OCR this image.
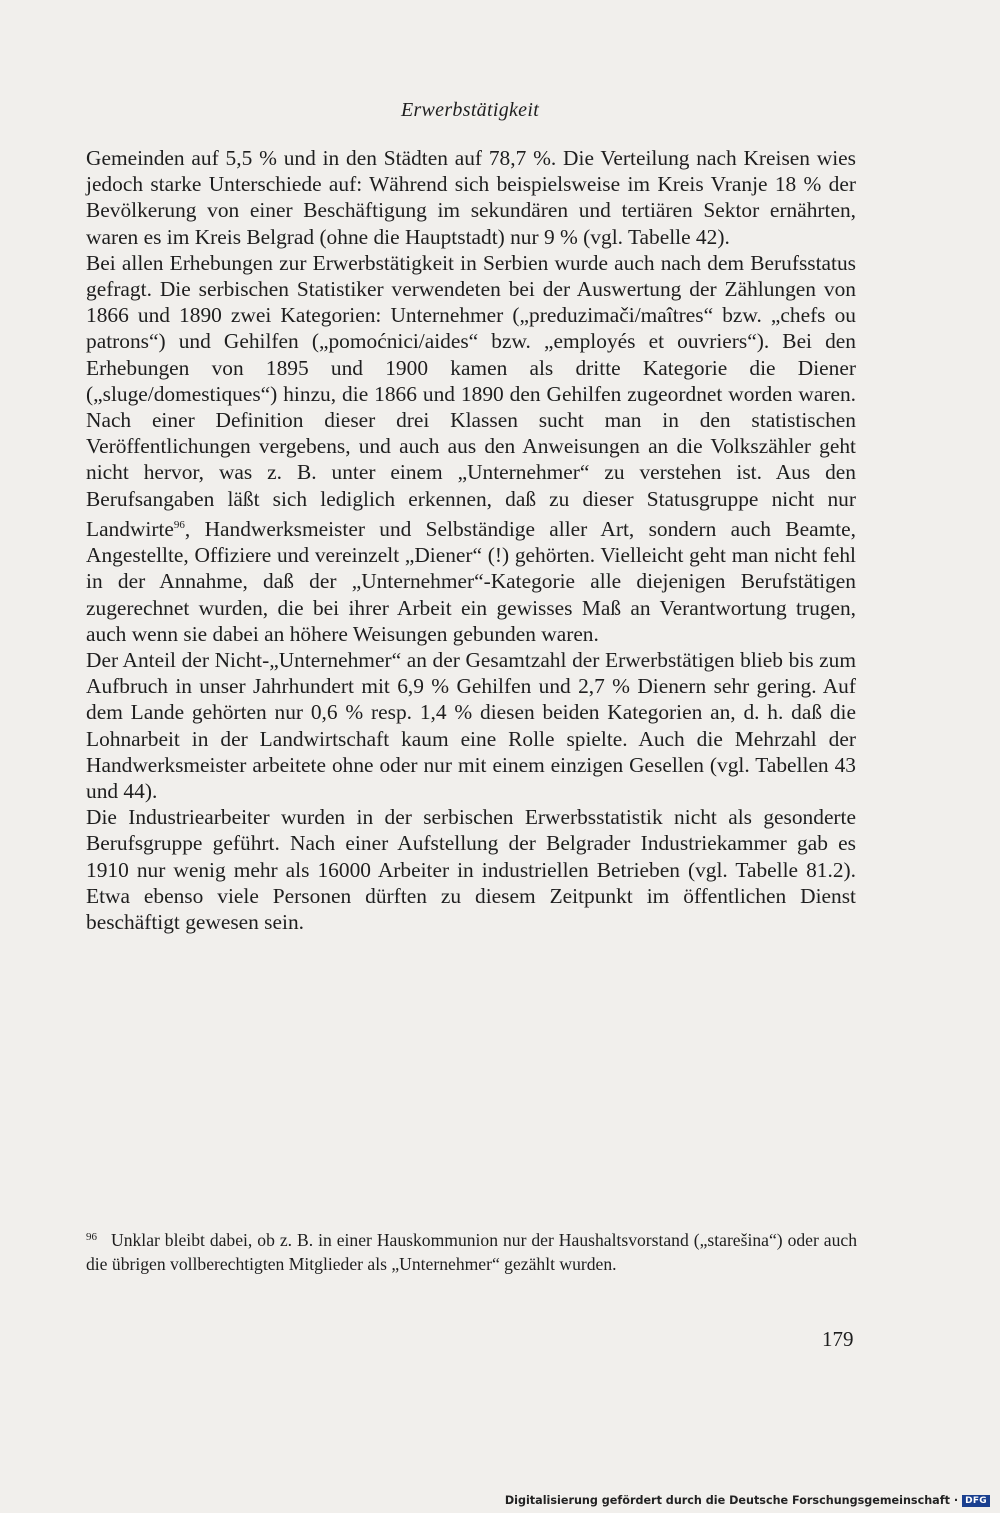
Erwerbstätigkeit

Gemeinden auf 5,5 % und in den Städten auf 78,7 %. Die Verteilung nach Kreisen wies jedoch starke Unterschiede auf: Während sich beispielsweise im Kreis Vranje 18 % der Bevölkerung von einer Beschäftigung im sekundären und tertiären Sektor ernährten, waren es im Kreis Belgrad (ohne die Hauptstadt) nur 9 % (vgl. Tabelle 42).

Bei allen Erhebungen zur Erwerbstätigkeit in Serbien wurde auch nach dem Berufsstatus gefragt. Die serbischen Statistiker verwendeten bei der Auswertung der Zählungen von 1866 und 1890 zwei Kategorien: Unternehmer („preduzimači/maîtres“ bzw. „chefs ou patrons“) und Gehilfen („pomoćnici/aides“ bzw. „employés et ouvriers“). Bei den Erhebungen von 1895 und 1900 kamen als dritte Kategorie die Diener („sluge/domestiques“) hinzu, die 1866 und 1890 den Gehilfen zugeordnet worden waren. Nach einer Definition dieser drei Klassen sucht man in den statistischen Veröffentlichungen vergebens, und auch aus den Anweisungen an die Volkszähler geht nicht hervor, was z. B. unter einem „Unternehmer“ zu verstehen ist. Aus den Berufsangaben läßt sich lediglich erkennen, daß zu dieser Statusgruppe nicht nur Landwirte$^{96}$, Handwerksmeister und Selbständige aller Art, sondern auch Beamte, Angestellte, Offiziere und vereinzelt „Diener“ (!) gehörten. Vielleicht geht man nicht fehl in der Annahme, daß der „Unternehmer“-Kategorie alle diejenigen Berufstätigen zugerechnet wurden, die bei ihrer Arbeit ein gewisses Maß an Verantwortung trugen, auch wenn sie dabei an höhere Weisungen gebunden waren.

Der Anteil der Nicht-„Unternehmer“ an der Gesamtzahl der Erwerbstätigen blieb bis zum Aufbruch in unser Jahrhundert mit 6,9 % Gehilfen und 2,7 % Dienern sehr gering. Auf dem Lande gehörten nur 0,6 % resp. 1,4 % diesen beiden Kategorien an, d. h. daß die Lohnarbeit in der Landwirtschaft kaum eine Rolle spielte. Auch die Mehrzahl der Handwerksmeister arbeitete ohne oder nur mit einem einzigen Gesellen (vgl. Tabellen 43 und 44).

Die Industriearbeiter wurden in der serbischen Erwerbsstatistik nicht als gesonderte Berufsgruppe geführt. Nach einer Aufstellung der Belgrader Industriekammer gab es 1910 nur wenig mehr als 16000 Arbeiter in industriellen Betrieben (vgl. Tabelle 81.2). Etwa ebenso viele Personen dürften zu diesem Zeitpunkt im öffentlichen Dienst beschäftigt gewesen sein.

$^{96}$ Unklar bleibt dabei, ob z. B. in einer Hauskommunion nur der Haushaltsvorstand („starešina“) oder auch die übrigen vollberechtigten Mitglieder als „Unternehmer“ gezählt wurden.
179
Digitalisierung gefördert durch die Deutsche Forschungsgemeinschaft · DFG
